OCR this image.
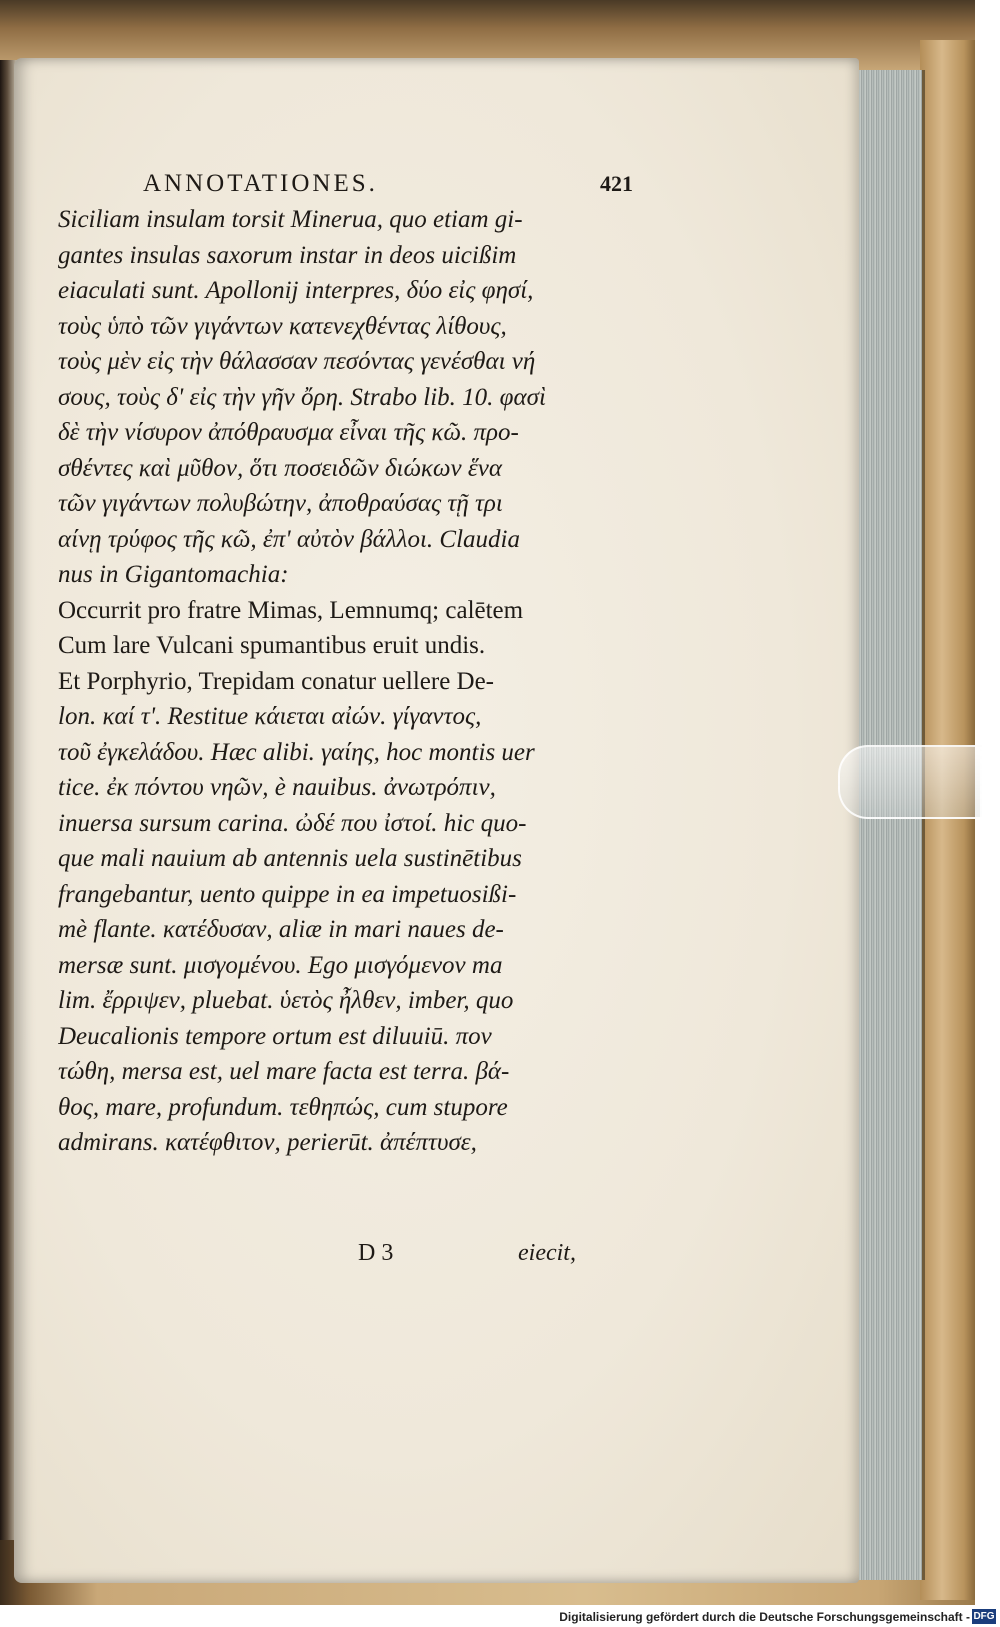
ANNOTATIONES.	421
Siciliam insulam torsit Minerua, quo etiam gi-
gantes insulas saxorum instar in deos uicißim
eiaculati sunt. Apollonij interpres, δύο εἰς φησί,
τοὺς ὑπὸ τῶν γιγάντων κατενεχθέντας λίθους,
τοὺς μὲν εἰς τὴν θάλασσαν πεσόντας γενέσθαι νή
σους, τοὺς δ' εἰς τὴν γῆν ὄρη. Strabo lib. 10. φασὶ
δὲ τὴν νίσυρον ἀπόθραυσμα εἶναι τῆς κῶ. προ-
σθέντες καὶ μῦθον, ὅτι ποσειδῶν διώκων ἕνα
τῶν γιγάντων πολυβώτην, ἀποθραύσας τῇ τρι
αίνῃ τρύφος τῆς κῶ, ἐπ' αὐτὸν βάλλοι. Claudia
nus in Gigantomachia:
Occurrit pro fratre Mimas, Lemnumq; calētem
Cum lare Vulcani spumantibus eruit undis.
Et Porphyrio, Trepidam conatur uellere De-
lon. καί τ'. Restitue κάιεται αἰών. γίγαντος,
τοῦ ἐγκελάδου. Hæc alibi. γαίης, hoc montis uer
tice. ἐκ πόντου νηῶν, è nauibus. ἀνωτρόπιν,
inuersa sursum carina. ὠδέ που ἰστοί. hic quo-
que mali nauium ab antennis uela sustinētibus
frangebantur, uento quippe in ea impetuosißi-
mè flante. κατέδυσαν, aliæ in mari naues de-
mersæ sunt. μισγομένου. Ego μισγόμενον ma
lim. ἔρριψεν, pluebat. ὑετὸς ἦλθεν, imber, quo
Deucalionis tempore ortum est diluuiū. πον
τώθη, mersa est, uel mare facta est terra. βά-
θος, mare, profundum. τεθηπώς, cum stupore
admirans. κατέφθιτον, perierūt. ἀπέπτυσε,
D 3	eiecit,
Digitalisierung gefördert durch die Deutsche Forschungsgemeinschaft - DFG
